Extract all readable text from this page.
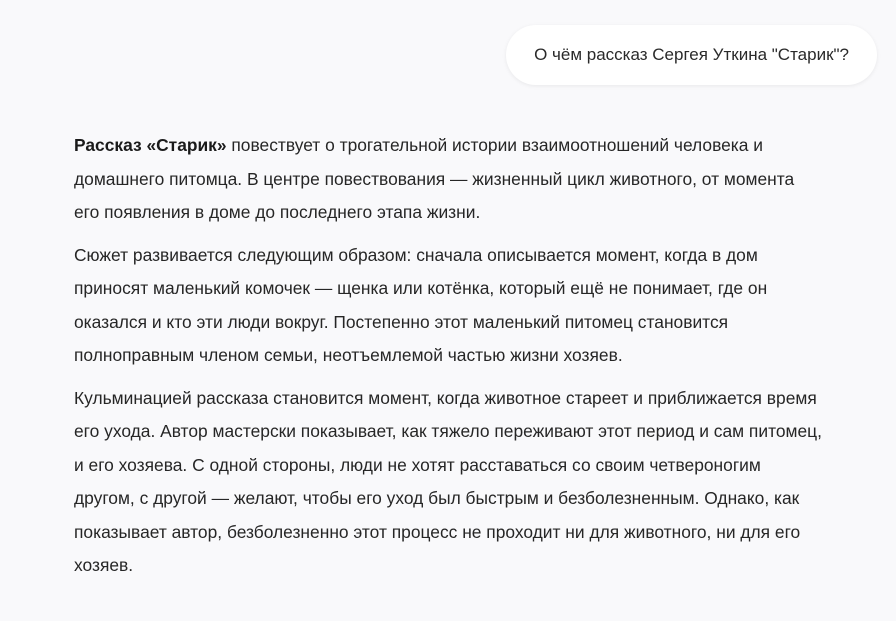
О чём рассказ Сергея Уткина "Старик"?

Рассказ «Старик» повествует о трогательной истории взаимоотношений человека и домашнего питомца. В центре повествования — жизненный цикл животного, от момента его появления в доме до последнего этапа жизни.

Сюжет развивается следующим образом: сначала описывается момент, когда в дом приносят маленький комочек — щенка или котёнка, который ещё не понимает, где он оказался и кто эти люди вокруг. Постепенно этот маленький питомец становится полноправным членом семьи, неотъемлемой частью жизни хозяев.

Кульминацией рассказа становится момент, когда животное стареет и приближается время его ухода. Автор мастерски показывает, как тяжело переживают этот период и сам питомец, и его хозяева. С одной стороны, люди не хотят расставаться со своим четвероногим другом, с другой — желают, чтобы его уход был быстрым и безболезненным. Однако, как показывает автор, безболезненно этот процесс не проходит ни для животного, ни для его хозяев.
